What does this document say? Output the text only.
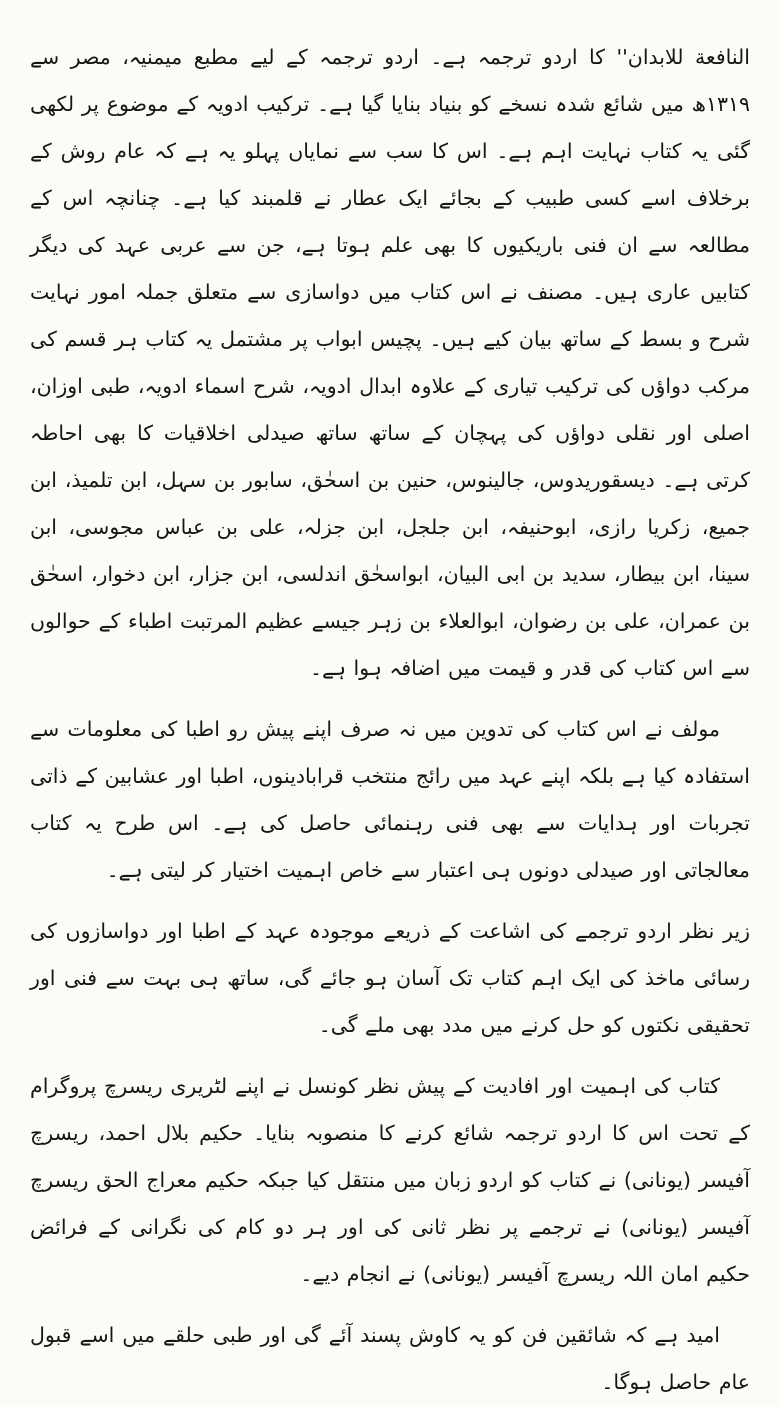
النافعة للابدان'' کا اردو ترجمہ ہے۔ اردو ترجمہ کے لیے مطبع میمنیہ، مصر سے ۱۳۱۹ھ میں شائع شدہ نسخے کو بنیاد بنایا گیا ہے۔ ترکیب ادویہ کے موضوع پر لکھی گئی یہ کتاب نہایت اہم ہے۔ اس کا سب سے نمایاں پہلو یہ ہے کہ عام روش کے برخلاف اسے کسی طبیب کے بجائے ایک عطار نے قلمبند کیا ہے۔ چنانچہ اس کے مطالعہ سے ان فنی باریکیوں کا بھی علم ہوتا ہے، جن سے عربی عہد کی دیگر کتابیں عاری ہیں۔ مصنف نے اس کتاب میں دواسازی سے متعلق جملہ امور نہایت شرح و بسط کے ساتھ بیان کیے ہیں۔ پچیس ابواب پر مشتمل یہ کتاب ہر قسم کی مرکب دواؤں کی ترکیب تیاری کے علاوہ ابدال ادویہ، شرح اسماء ادویہ، طبی اوزان، اصلی اور نقلی دواؤں کی پہچان کے ساتھ ساتھ صیدلی اخلاقیات کا بھی احاطہ کرتی ہے۔ دیسقوریدوس، جالینوس، حنین بن اسحٰق، سابور بن سہل، ابن تلمیذ، ابن جمیع، زکریا رازی، ابوحنیفہ، ابن جلجل، ابن جزلہ، علی بن عباس مجوسی، ابن سینا، ابن بیطار، سدید بن ابی البیان، ابواسحٰق اندلسی، ابن جزار، ابن دخوار، اسحٰق بن عمران، علی بن رضوان، ابوالعلاء بن زہر جیسے عظیم المرتبت اطباء کے حوالوں سے اس کتاب کی قدر و قیمت میں اضافہ ہوا ہے۔

مولف نے اس کتاب کی تدوین میں نہ صرف اپنے پیش رو اطبا کی معلومات سے استفادہ کیا ہے بلکہ اپنے عہد میں رائج منتخب قرابادینوں، اطبا اور عشابین کے ذاتی تجربات اور ہدایات سے بھی فنی رہنمائی حاصل کی ہے۔ اس طرح یہ کتاب معالجاتی اور صیدلی دونوں ہی اعتبار سے خاص اہمیت اختیار کر لیتی ہے۔

زیر نظر اردو ترجمے کی اشاعت کے ذریعے موجودہ عہد کے اطبا اور دواسازوں کی رسائی ماخذ کی ایک اہم کتاب تک آسان ہو جائے گی، ساتھ ہی بہت سے فنی اور تحقیقی نکتوں کو حل کرنے میں مدد بھی ملے گی۔

کتاب کی اہمیت اور افادیت کے پیش نظر کونسل نے اپنے لٹریری ریسرچ پروگرام کے تحت اس کا اردو ترجمہ شائع کرنے کا منصوبہ بنایا۔ حکیم بلال احمد، ریسرچ آفیسر (یونانی) نے کتاب کو اردو زبان میں منتقل کیا جبکہ حکیم معراج الحق ریسرچ آفیسر (یونانی) نے ترجمے پر نظر ثانی کی اور ہر دو کام کی نگرانی کے فرائض حکیم امان اللہ ریسرچ آفیسر (یونانی) نے انجام دیے۔

امید ہے کہ شائقین فن کو یہ کاوش پسند آئے گی اور طبی حلقے میں اسے قبول عام حاصل ہوگا۔
